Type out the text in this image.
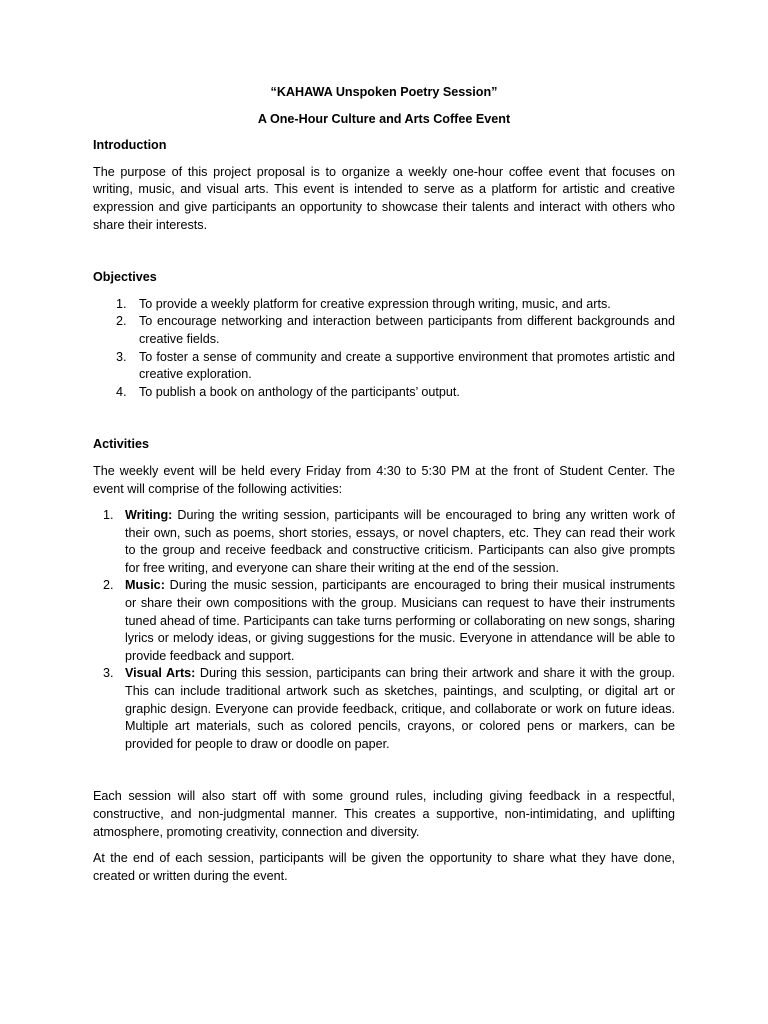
“KAHAWA Unspoken Poetry Session”

A One-Hour Culture and Arts Coffee Event

Introduction

The purpose of this project proposal is to organize a weekly one-hour coffee event that focuses on writing, music, and visual arts. This event is intended to serve as a platform for artistic and creative expression and give participants an opportunity to showcase their talents and interact with others who share their interests.

Objectives

1. To provide a weekly platform for creative expression through writing, music, and arts.
2. To encourage networking and interaction between participants from different backgrounds and creative fields.
3. To foster a sense of community and create a supportive environment that promotes artistic and creative exploration.
4. To publish a book on anthology of the participants’ output.

Activities

The weekly event will be held every Friday from 4:30 to 5:30 PM at the front of Student Center. The event will comprise of the following activities:

1. Writing: During the writing session, participants will be encouraged to bring any written work of their own, such as poems, short stories, essays, or novel chapters, etc. They can read their work to the group and receive feedback and constructive criticism. Participants can also give prompts for free writing, and everyone can share their writing at the end of the session.
2. Music: During the music session, participants are encouraged to bring their musical instruments or share their own compositions with the group. Musicians can request to have their instruments tuned ahead of time. Participants can take turns performing or collaborating on new songs, sharing lyrics or melody ideas, or giving suggestions for the music. Everyone in attendance will be able to provide feedback and support.
3. Visual Arts: During this session, participants can bring their artwork and share it with the group. This can include traditional artwork such as sketches, paintings, and sculpting, or digital art or graphic design. Everyone can provide feedback, critique, and collaborate or work on future ideas. Multiple art materials, such as colored pencils, crayons, or colored pens or markers, can be provided for people to draw or doodle on paper.

Each session will also start off with some ground rules, including giving feedback in a respectful, constructive, and non-judgmental manner. This creates a supportive, non-intimidating, and uplifting atmosphere, promoting creativity, connection and diversity.

At the end of each session, participants will be given the opportunity to share what they have done, created or written during the event.
